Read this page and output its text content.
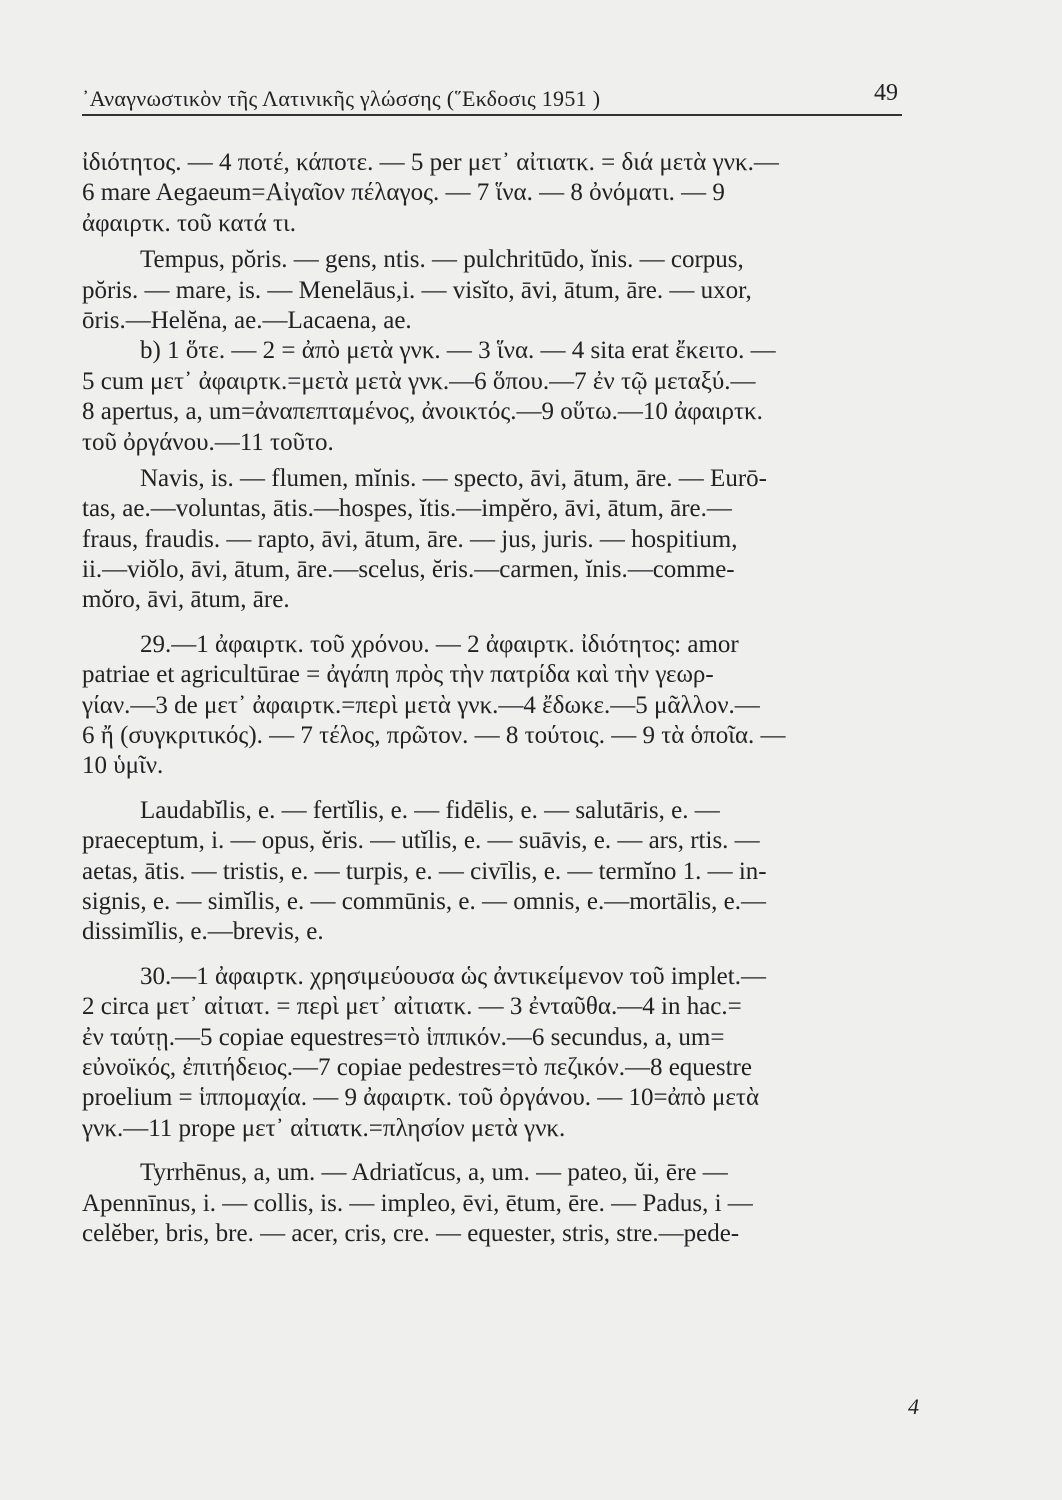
᾿Αναγνωστικὸν τῆς Λατινικῆς γλώσσης (῞Εκδοσις 1951 )	49
ἰδιότητος. — 4 ποτέ, κάποτε. — 5 per μετ᾿ αἰτιατκ. = διά μετὰ γνκ.—
6 mare Aegaeum=Αἰγαῖον πέλαγος. — 7 ἵνα. — 8 ὀνόματι. — 9
ἀφαιρτκ. τοῦ κατά τι.
Tempus, pŏris. — gens, ntis. — pulchritūdo, ĭnis. — corpus,
pŏris. — mare, is. — Menelāus,i. — visĭto, āvi, ātum, āre. — uxor,
ōris.—Helĕna, ae.—Lacaena, ae.
b) 1 ὅτε. — 2 = ἀπὸ μετὰ γνκ. — 3 ἵνα. — 4 sita erat ἔκειτο. —
5 cum μετ᾿ ἀφαιρτκ.=μετὰ μετὰ γνκ.—6 ὅπου.—7 ἐν τῷ μεταξύ.—
8 apertus, a, um=ἀναπεπταμένος, ἀνοικτός.—9 οὕτω.—10 ἀφαιρτκ.
τοῦ ὀργάνου.—11 τοῦτο.
Navis, is. — flumen, mĭnis. — specto, āvi, ātum, āre. — Eurō-
tas, ae.—voluntas, ātis.—hospes, ĭtis.—impĕro, āvi, ātum, āre.—
fraus, fraudis. — rapto, āvi, ātum, āre. — jus, juris. — hospitium,
ii.—viŏlo, āvi, ātum, āre.—scelus, ĕris.—carmen, ĭnis.—comme-
mŏro, āvi, ātum, āre.
29.—1 ἀφαιρτκ. τοῦ χρόνου. — 2 ἀφαιρτκ. ἰδιότητος: amor
patriae et agricultūrae = ἀγάπη πρὸς τὴν πατρίδα καὶ τὴν γεωρ-
γίαν.—3 de μετ᾿ ἀφαιρτκ.=περὶ μετὰ γνκ.—4 ἔδωκε.—5 μᾶλλον.—
6 ἤ (συγκριτικός). — 7 τέλος, πρῶτον. — 8 τούτοις. — 9 τὰ ὁποῖα. —
10 ὑμῖν.
Laudabĭlis, e. — fertĭlis, e. — fidēlis, e. — salutāris, e. —
praeceptum, i. — opus, ĕris. — utĭlis, e. — suāvis, e. — ars, rtis. —
aetas, ātis. — tristis, e. — turpis, e. — civīlis, e. — termĭno 1. — in-
signis, e. — simĭlis, e. — commūnis, e. — omnis, e.—mortālis, e.—
dissimĭlis, e.—brevis, e.
30.—1 ἀφαιρτκ. χρησιμεύουσα ὡς ἀντικείμενον τοῦ implet.—
2 circa μετ᾿ αἰτιατ. = περὶ μετ᾿ αἰτιατκ. — 3 ἐνταῦθα.—4 in hac.=
ἐν ταύτῃ.—5 copiae equestres=τὸ ἱππικόν.—6 secundus, a, um=
εὐνοϊκός, ἐπιτήδειος.—7 copiae pedestres=τὸ πεζικόν.—8 equestre
proelium = ἱππομαχία. — 9 ἀφαιρτκ. τοῦ ὀργάνου. — 10=ἀπὸ μετὰ
γνκ.—11 prope μετ᾿ αἰτιατκ.=πλησίον μετὰ γνκ.
Tyrrhēnus, a, um. — Adriatĭcus, a, um. — pateo, ŭi, ēre —
Apennīnus, i. — collis, is. — impleo, ēvi, ētum, ēre. — Padus, i —
celĕber, bris, bre. — acer, cris, cre. — equester, stris, stre.—pede-
4
